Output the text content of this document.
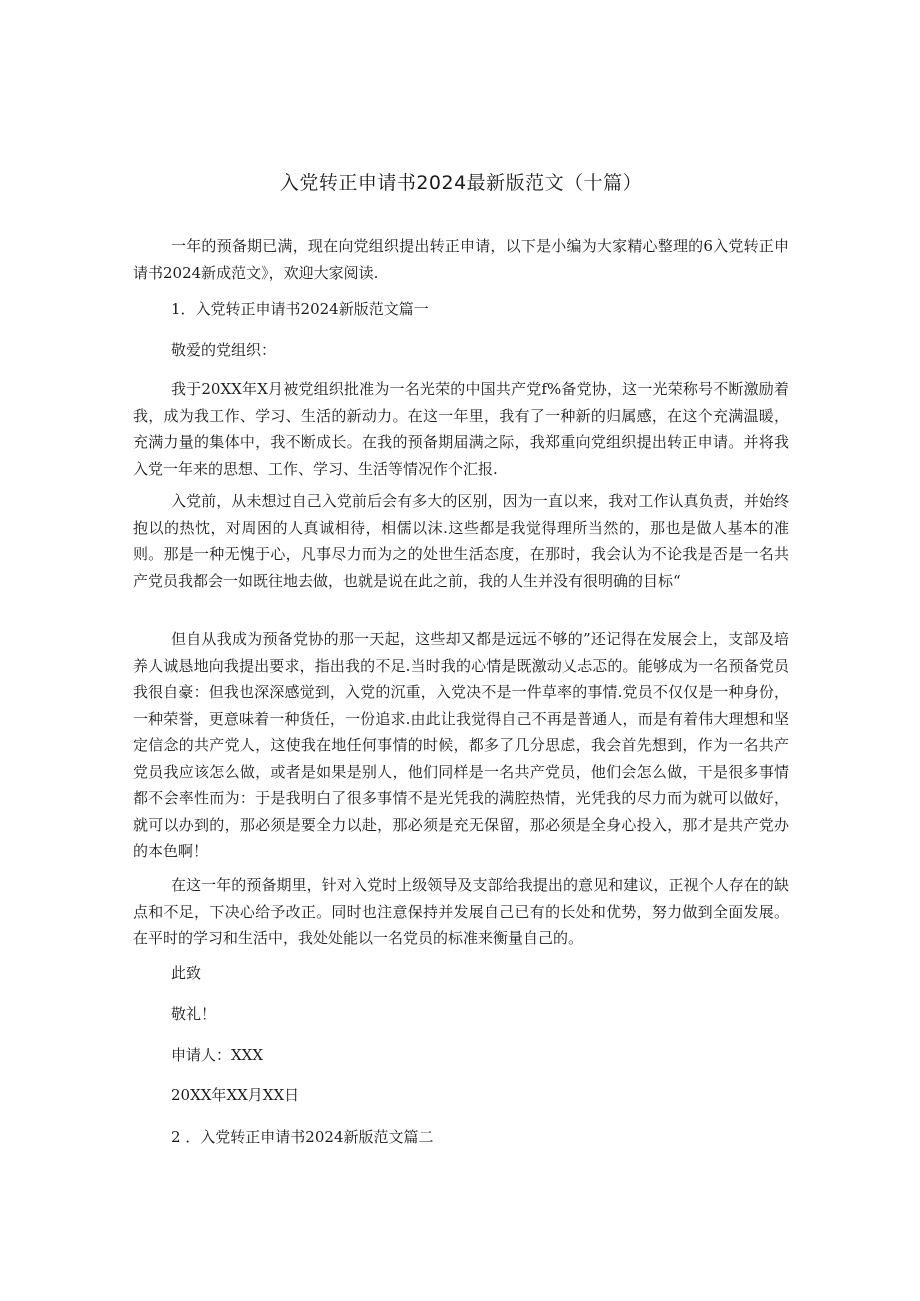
入党转正申请书2024最新版范文（十篇）

一年的预备期已满，现在向党组织提出转正申请，以下是小编为大家精心整理的6入党转正申请书2024新成范文》，欢迎大家阅读.

1．入党转正申请书2024新版范文篇一

敬爱的党组织：

我于20XX年X月被党组织批准为一名光荣的中国共产党f%备党协，这一光荣称号不断激励着我，成为我工作、学习、生活的新动力。在这一年里，我有了一种新的归属感，在这个充满温暖，充满力量的集体中，我不断成长。在我的预备期届满之际，我郑重向党组织提出转正申请。并将我入党一年来的思想、工作、学习、生活等情况作个汇报.

入党前，从未想过自己入党前后会有多大的区别，因为一直以来，我对工作认真负责，并始终抱以的热忱，对周困的人真诚相待，相儒以沫.这些都是我觉得理所当然的，那也是做人基本的准则。那是一种无愧于心，凡事尽力而为之的处世生活态度，在那时，我会认为不论我是否是一名共产党员我都会一如既往地去做，也就是说在此之前，我的人生并没有很明确的目标“

但自从我成为预备党协的那一天起，这些却又都是远远不够的”还记得在发展会上，支部及培养人诚恳地向我提出要求，指出我的不足.当时我的心情是既激动乂忐忑的。能够成为一名预备党员我很自豪：但我也深深感觉到，入党的沉重，入党决不是一件草率的事情.党员不仅仅是一种身份，一种荣誉，更意味着一种货任，一份追求.由此让我觉得自己不再是普通人，而是有着伟大理想和坚定信念的共产党人，这使我在地任何事情的时候，都多了几分思虑，我会首先想到，作为一名共产党员我应该怎么做，或者是如果是别人，他们同样是一名共产党员，他们会怎么做，干是很多事情都不会率性而为：于是我明白了很多事情不是光凭我的满腔热情，光凭我的尽力而为就可以做好，就可以办到的，那必须是要全力以赴，那必须是充无保留，那必须是全身心投入，那才是共产党办的本色啊！

在这一年的预备期里，针对入党时上级领导及支部给我提出的意见和建议，正视个人存在的缺点和不足，下决心给予改正。同时也注意保持并发展自己已有的长处和优势，努力做到全面发展。在平时的学习和生活中，我处处能以一名党员的标准来衡量自己的。

此致

敬礼！

申请人：XXX

20XX年XX月XX日

2 ．入党转正申请书2024新版范文篇二
